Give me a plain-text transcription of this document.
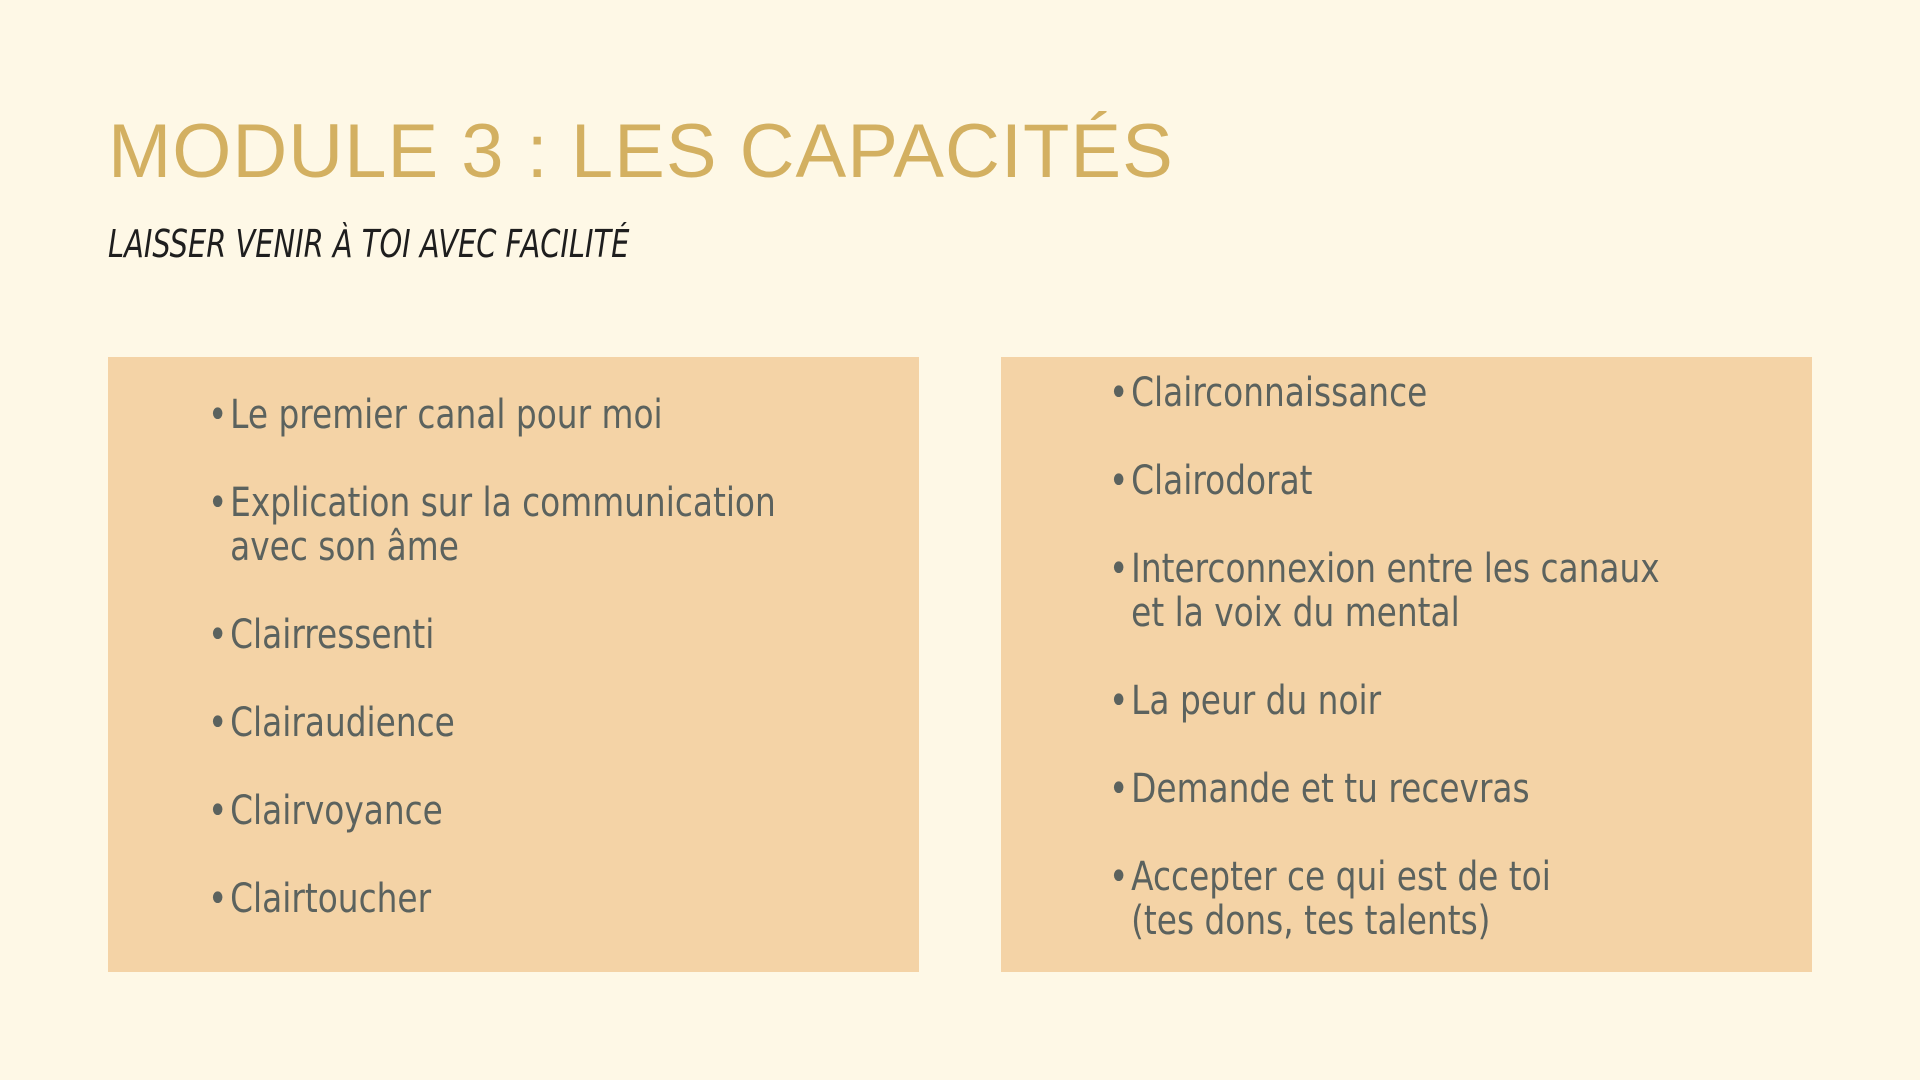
MODULE 3 : LES CAPACITÉS
LAISSER VENIR À TOI AVEC FACILITÉ
• Le premier canal pour moi
• Explication sur la communication
avec son âme
• Clairressenti
• Clairaudience
• Clairvoyance
• Clairtoucher
• Clairconnaissance
• Clairodorat
• Interconnexion entre les canaux
et la voix du mental
• La peur du noir
• Demande et tu recevras
• Accepter ce qui est de toi
(tes dons, tes talents)
